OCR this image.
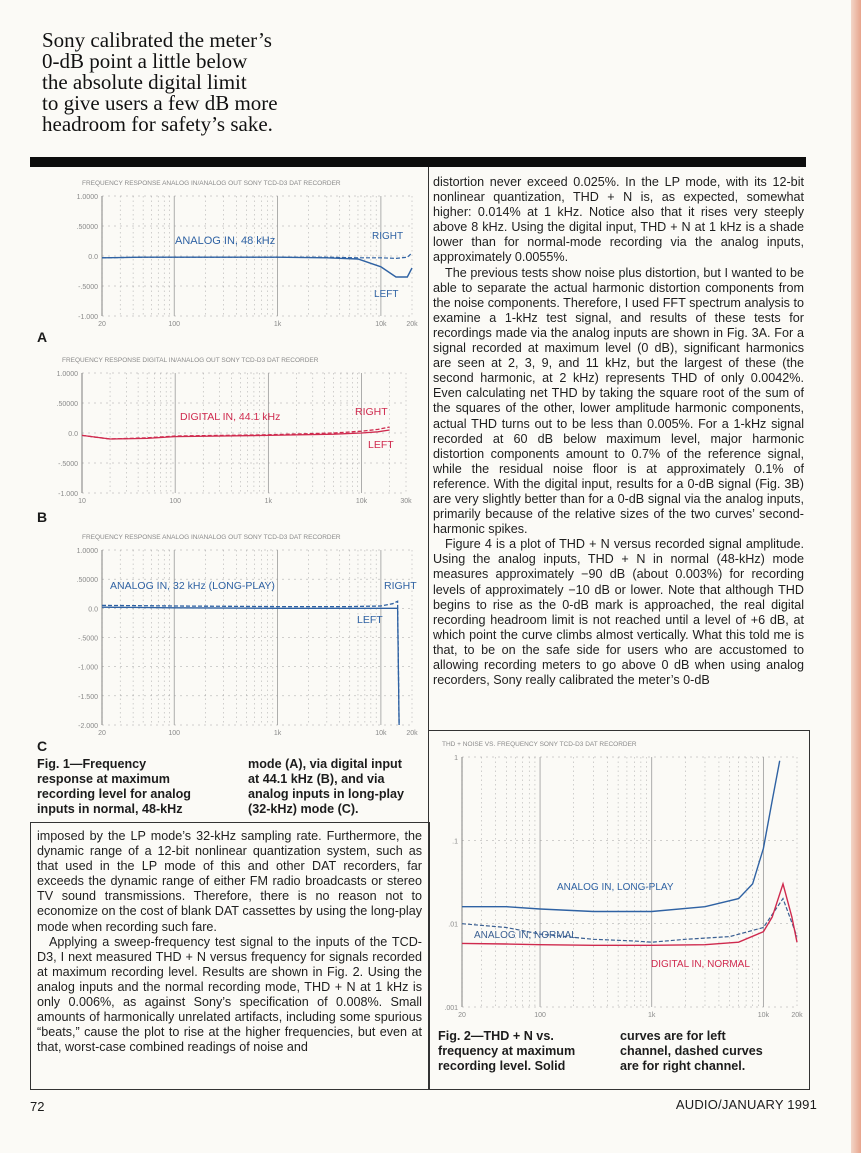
Sony calibrated the meter’s
0-dB point a little below
the absolute digital limit
to give users a few dB more
headroom for safety’s sake.
FREQUENCY RESPONSE ANALOG IN/ANALOG OUT SONY TCD-D3 DAT RECORDER
1.0000
.50000
0.0
-.5000
-1.000
20	100	1k	10k	20k
ANALOG IN, 48 kHz	RIGHT
LEFT
A
FREQUENCY RESPONSE DIGITAL IN/ANALOG OUT SONY TCD-D3 DAT RECORDER
1.0000
.50000
0.0
-.5000
-1.000
10	100	1k	10k	30k
DIGITAL IN, 44.1 kHz	RIGHT
LEFT
B
FREQUENCY RESPONSE ANALOG IN/ANALOG OUT SONY TCD-D3 DAT RECORDER
1.0000
.50000
0.0
-.5000
-1.000
-1.500
-2.000
20	100	1k	10k	20k
ANALOG IN, 32 kHz (LONG-PLAY)	RIGHT
LEFT
C
Fig. 1—Frequency
response at maximum
recording level for analog
inputs in normal, 48-kHz
mode (A), via digital input
at 44.1 kHz (B), and via
analog inputs in long-play
(32-kHz) mode (C).

distortion never exceed 0.025%. In the LP mode, with its 12-bit nonlinear quantization, THD + N is, as expected, somewhat higher: 0.014% at 1 kHz. Notice also that it rises very steeply above 8 kHz. Using the digital input, THD + N at 1 kHz is a shade lower than for normal-mode recording via the analog inputs, approximately 0.0055%.

The previous tests show noise plus distortion, but I wanted to be able to separate the actual harmonic distortion components from the noise components. Therefore, I used FFT spectrum analysis to examine a 1-kHz test signal, and results of these tests for recordings made via the analog inputs are shown in Fig. 3A. For a signal recorded at maximum level (0 dB), significant harmonics are seen at 2, 3, 9, and 11 kHz, but the largest of these (the second harmonic, at 2 kHz) represents THD of only 0.0042%. Even calculating net THD by taking the square root of the sum of the squares of the other, lower amplitude harmonic components, actual THD turns out to be less than 0.005%. For a 1-kHz signal recorded at 60 dB below maximum level, major harmonic distortion components amount to 0.7% of the reference signal, while the residual noise floor is at approximately 0.1% of reference. With the digital input, results for a 0-dB signal (Fig. 3B) are very slightly better than for a 0-dB signal via the analog inputs, primarily because of the relative sizes of the two curves’ second-harmonic spikes.

Figure 4 is a plot of THD + N versus recorded signal amplitude. Using the analog inputs, THD + N in normal (48-kHz) mode measures approximately −90 dB (about 0.003%) for recording levels of approximately −10 dB or lower. Note that although THD begins to rise as the 0-dB mark is approached, the real digital recording headroom limit is not reached until a level of +6 dB, at which point the curve climbs almost vertically. What this told me is that, to be on the safe side for users who are accustomed to allowing recording meters to go above 0 dB when using analog recorders, Sony really calibrated the meter’s 0-dB

imposed by the LP mode’s 32-kHz sampling rate. Furthermore, the dynamic range of a 12-bit nonlinear quantization system, such as that used in the LP mode of this and other DAT recorders, far exceeds the dynamic range of either FM radio broadcasts or stereo TV sound transmissions. Therefore, there is no reason not to economize on the cost of blank DAT cassettes by using the long-play mode when recording such fare.

Applying a sweep-frequency test signal to the inputs of the TCD-D3, I next measured THD + N versus frequency for signals recorded at maximum recording level. Results are shown in Fig. 2. Using the analog inputs and the normal recording mode, THD + N at 1 kHz is only 0.006%, as against Sony’s specification of 0.008%. Small amounts of harmonically unrelated artifacts, including some spurious “beats,” cause the plot to rise at the higher frequencies, but even at that, worst-case combined readings of noise and

THD + NOISE VS. FREQUENCY SONY TCD-D3 DAT RECORDER
1
.1
.01
.001
20	100	1k	10k	20k
ANALOG IN, LONG-PLAY
ANALOG IN, NORMAL
DIGITAL IN, NORMAL
Fig. 2—THD + N vs.
frequency at maximum
recording level. Solid
curves are for left
channel, dashed curves
are for right channel.
72	AUDIO/JANUARY 1991
